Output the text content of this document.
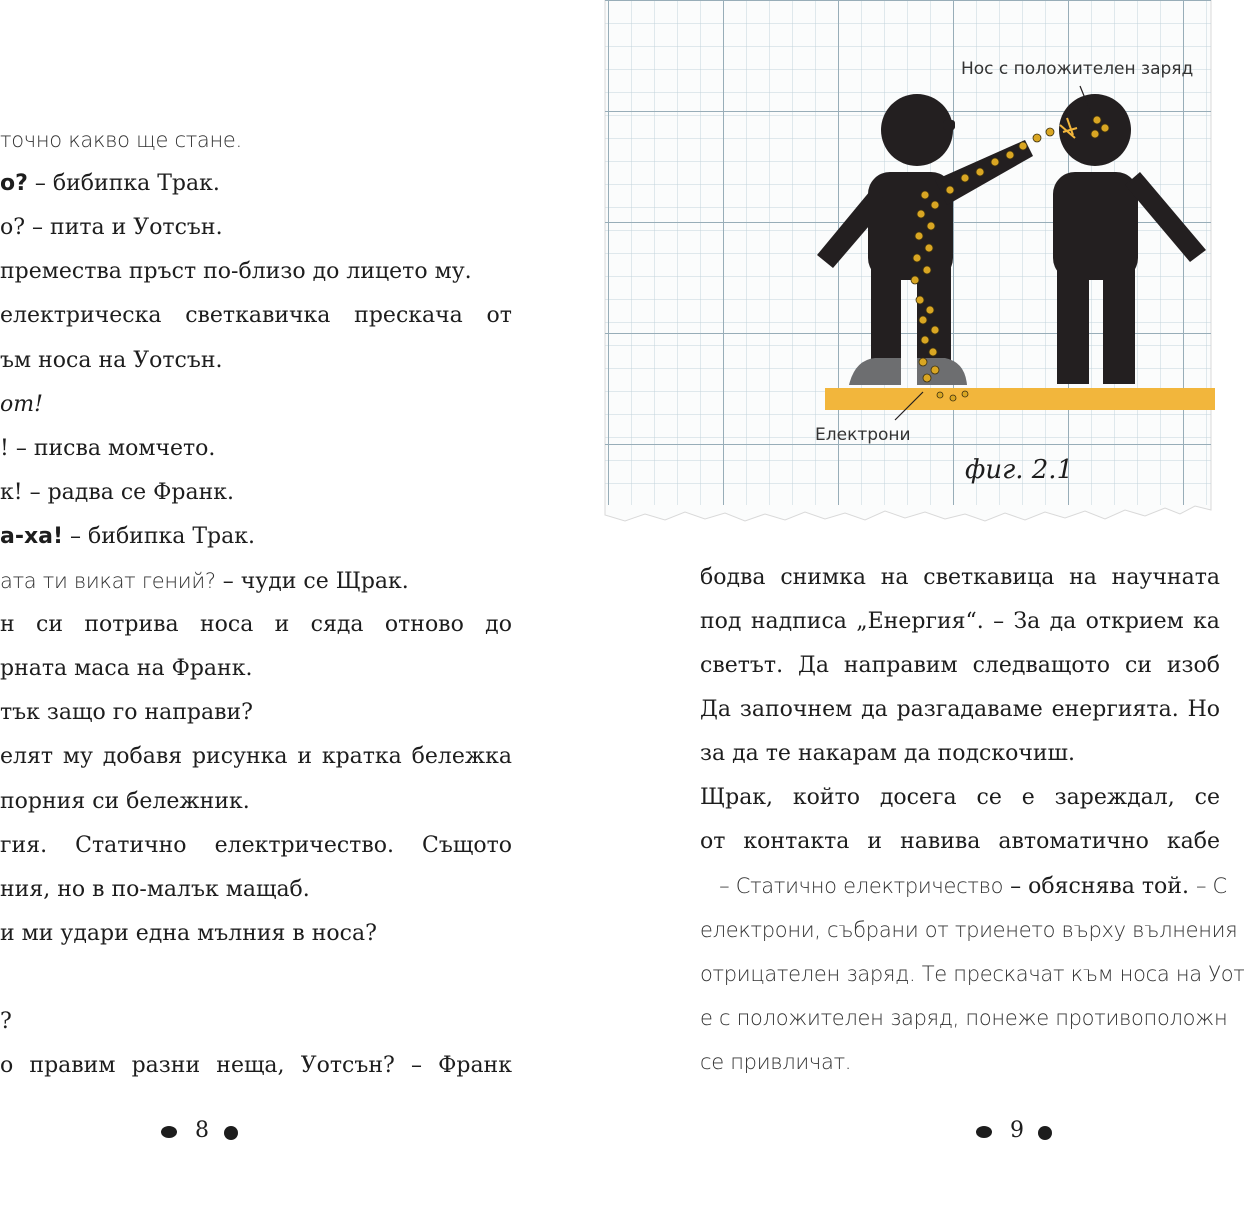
точно какво ще стане.
о? – бибипка Трак.
о? – пита и Уотсън.
премества пръст по-близо до лицето му.
електрическа светкавичка прескача от
ъм носа на Уотсън.
от!
! – писва момчето.
к! – радва се Франк.
а-ха! – бибипка Трак.
ата ти викат гений? – чуди се Щрак.
н си потрива носа и сяда отново до
рната маса на Франк.
тък защо го направи?
елят му добавя рисунка и кратка бележка
порния си бележник.
гия. Статично електричество. Същото
ния, но в по-малък мащаб.
и ми удари една мълния в носа?
?
о правим разни неща, Уотсън? – Франк
8
Нос с положителен заряд
Електрони
фиг. 2.1
бодва снимка на светкавица на научната
под надписа „Енергия“. – За да открием ка
светът. Да направим следващото си изоб
Да започнем да разгадаваме енергията. Но
за да те накарам да подскочиш.
Щрак, който досега се е зареждал, се
от контакта и навива автоматично кабе
– Статично електричество – обяснява той. – С
електрони, събрани от триенето върху вълнения
отрицателен заряд. Те прескачат към носа на Уот
е с положителен заряд, понеже противоположн
се привличат.
9
